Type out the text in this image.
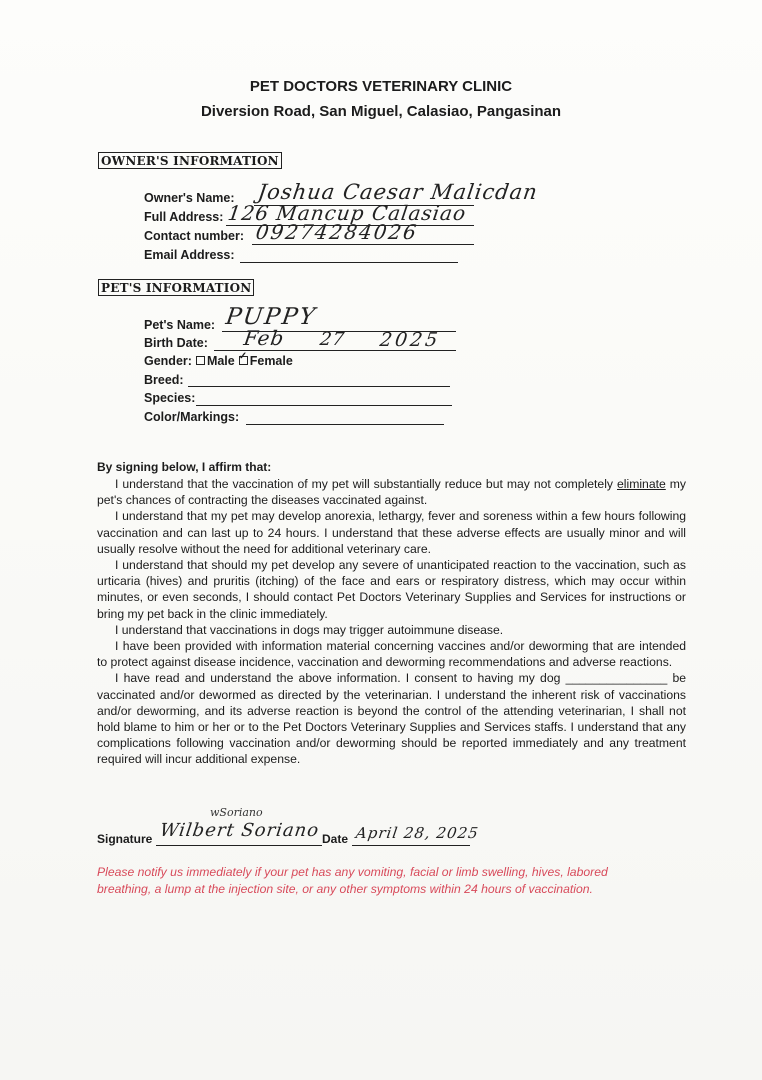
PET DOCTORS VETERINARY CLINIC
Diversion Road, San Miguel, Calasiao, Pangasinan
OWNER'S INFORMATION
Owner's Name: Joshua Caesar Malicdan
Full Address: 126 Mancup Calasiao
Contact number: 09274284026
Email Address:
PET'S INFORMATION
Pet's Name: PUPPY
Birth Date: Feb 27 2025
Gender: Male✓ Female
Breed:
Species:
Color/Markings:
By signing below, I affirm that:

I understand that the vaccination of my pet will substantially reduce but may not completely eliminate my pet's chances of contracting the diseases vaccinated against.

I understand that my pet may develop anorexia, lethargy, fever and soreness within a few hours following vaccination and can last up to 24 hours. I understand that these adverse effects are usually minor and will usually resolve without the need for additional veterinary care.

I understand that should my pet develop any severe of unanticipated reaction to the vaccination, such as urticaria (hives) and pruritis (itching) of the face and ears or respiratory distress, which may occur within minutes, or even seconds, I should contact Pet Doctors Veterinary Supplies and Services for instructions or bring my pet back in the clinic immediately.

I understand that vaccinations in dogs may trigger autoimmune disease.

I have been provided with information material concerning vaccines and/or deworming that are intended to protect against disease incidence, vaccination and deworming recommendations and adverse reactions.

I have read and understand the above information. I consent to having my dog _______________ be vaccinated and/or dewormed as directed by the veterinarian. I understand the inherent risk of vaccinations and/or deworming, and its adverse reaction is beyond the control of the attending veterinarian, I shall not hold blame to him or her or to the Pet Doctors Veterinary Supplies and Services staffs. I understand that any complications following vaccination and/or deworming should be reported immediately and any treatment required will incur additional expense.

wSoriano
Signature Wilbert Soriano Date April 28, 2025
Please notify us immediately if your pet has any vomiting, facial or limb swelling, hives, labored breathing, a lump at the injection site, or any other symptoms within 24 hours of vaccination.
